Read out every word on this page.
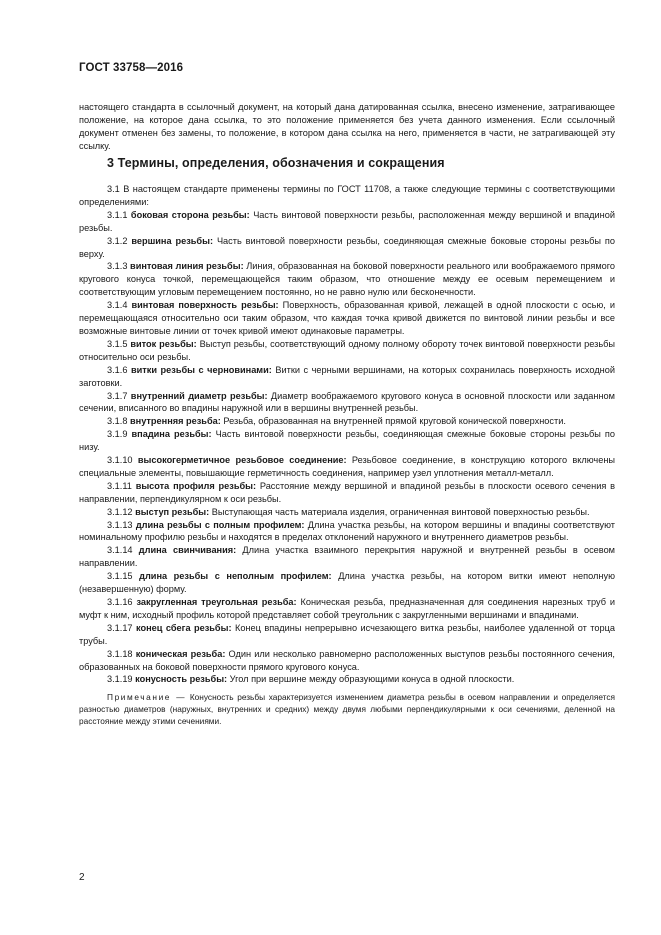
ГОСТ 33758—2016

настоящего стандарта в ссылочный документ, на который дана датированная ссылка, внесено изменение, затрагивающее положение, на которое дана ссылка, то это положение применяется без учета данного изменения. Если ссылочный документ отменен без замены, то положение, в котором дана ссылка на него, применяется в части, не затрагивающей эту ссылку.

3 Термины, определения, обозначения и сокращения

3.1 В настоящем стандарте применены термины по ГОСТ 11708, а также следующие термины с соответствующими определениями:

3.1.1 боковая сторона резьбы: Часть винтовой поверхности резьбы, расположенная между вершиной и впадиной резьбы.

3.1.2 вершина резьбы: Часть винтовой поверхности резьбы, соединяющая смежные боковые стороны резьбы по верху.

3.1.3 винтовая линия резьбы: Линия, образованная на боковой поверхности реального или воображаемого прямого кругового конуса точкой, перемещающейся таким образом, что отношение между ее осевым перемещением и соответствующим угловым перемещением постоянно, но не равно нулю или бесконечности.

3.1.4 винтовая поверхность резьбы: Поверхность, образованная кривой, лежащей в одной плоскости с осью, и перемещающаяся относительно оси таким образом, что каждая точка кривой движется по винтовой линии резьбы и все возможные винтовые линии от точек кривой имеют одинаковые параметры.

3.1.5 виток резьбы: Выступ резьбы, соответствующий одному полному обороту точек винтовой поверхности резьбы относительно оси резьбы.

3.1.6 витки резьбы с черновинами: Витки с черными вершинами, на которых сохранилась поверхность исходной заготовки.

3.1.7 внутренний диаметр резьбы: Диаметр воображаемого кругового конуса в основной плоскости или заданном сечении, вписанного во впадины наружной или в вершины внутренней резьбы.

3.1.8 внутренняя резьба: Резьба, образованная на внутренней прямой круговой конической поверхности.

3.1.9 впадина резьбы: Часть винтовой поверхности резьбы, соединяющая смежные боковые стороны резьбы по низу.

3.1.10 высокогерметичное резьбовое соединение: Резьбовое соединение, в конструкцию которого включены специальные элементы, повышающие герметичность соединения, например узел уплотнения металл-металл.

3.1.11 высота профиля резьбы: Расстояние между вершиной и впадиной резьбы в плоскости осевого сечения в направлении, перпендикулярном к оси резьбы.

3.1.12 выступ резьбы: Выступающая часть материала изделия, ограниченная винтовой поверхностью резьбы.

3.1.13 длина резьбы с полным профилем: Длина участка резьбы, на котором вершины и впадины соответствуют номинальному профилю резьбы и находятся в пределах отклонений наружного и внутреннего диаметров резьбы.

3.1.14 длина свинчивания: Длина участка взаимного перекрытия наружной и внутренней резьбы в осевом направлении.

3.1.15 длина резьбы с неполным профилем: Длина участка резьбы, на котором витки имеют неполную (незавершенную) форму.

3.1.16 закругленная треугольная резьба: Коническая резьба, предназначенная для соединения нарезных труб и муфт к ним, исходный профиль которой представляет собой треугольник с закругленными вершинами и впадинами.

3.1.17 конец сбега резьбы: Конец впадины непрерывно исчезающего витка резьбы, наиболее удаленной от торца трубы.

3.1.18 коническая резьба: Один или несколько равномерно расположенных выступов резьбы постоянного сечения, образованных на боковой поверхности прямого кругового конуса.

3.1.19 конусность резьбы: Угол при вершине между образующими конуса в одной плоскости.

Примечание — Конусность резьбы характеризуется изменением диаметра резьбы в осевом направлении и определяется разностью диаметров (наружных, внутренних и средних) между двумя любыми перпендикулярными к оси сечениями, деленной на расстояние между этими сечениями.

2
